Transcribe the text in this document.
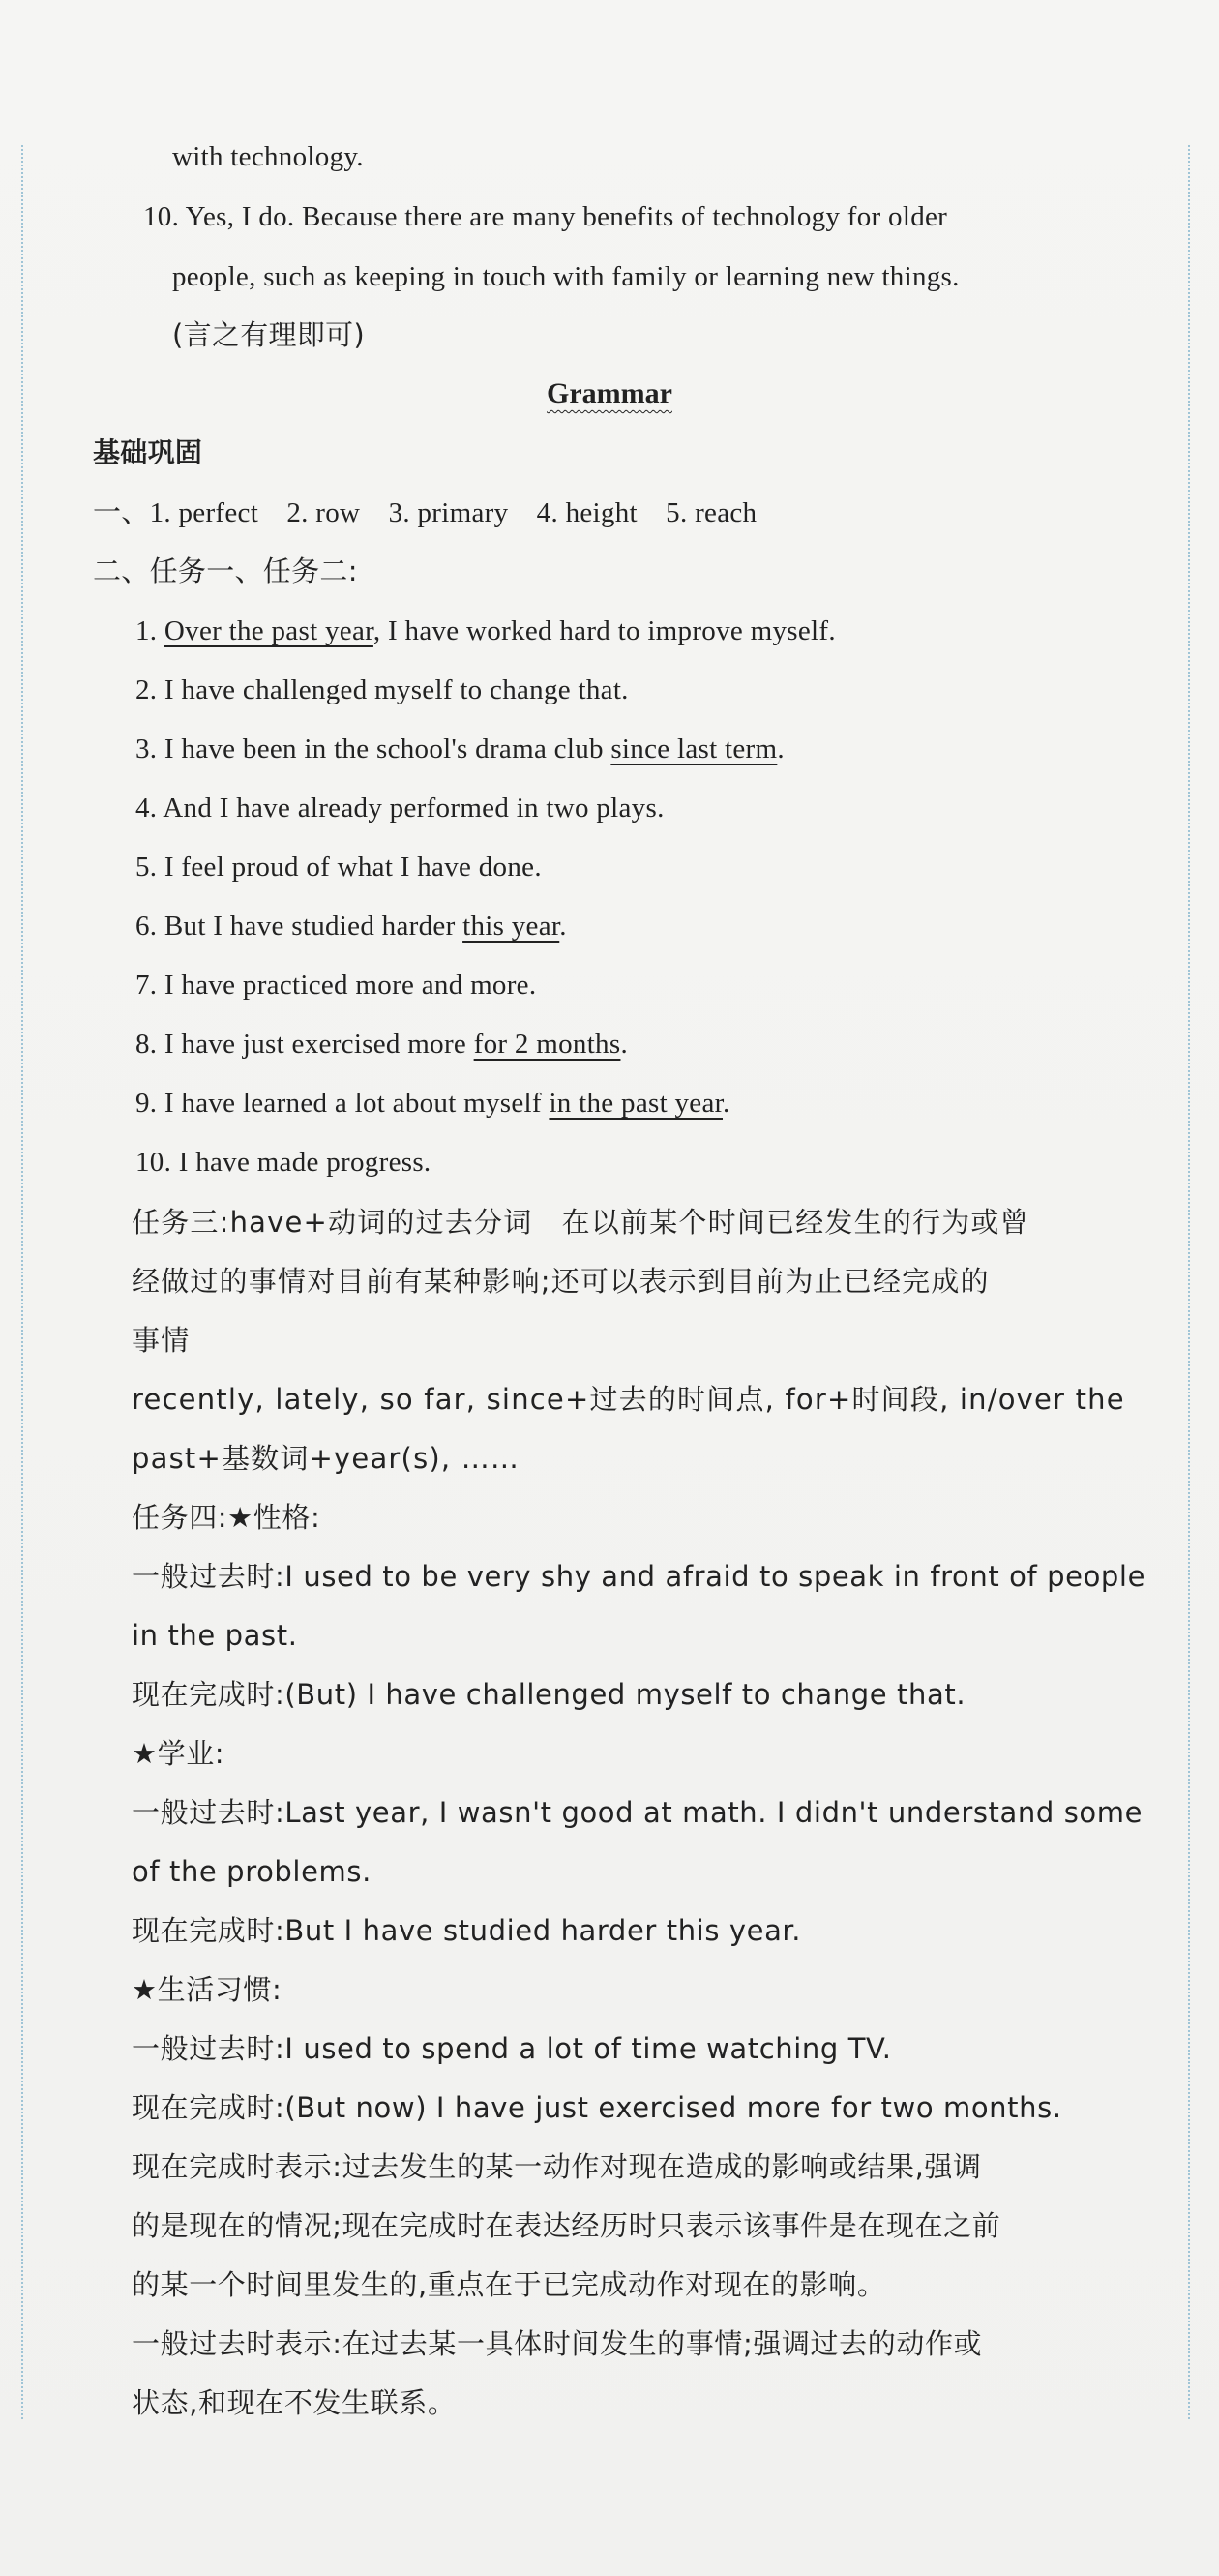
with technology.
10. Yes, I do. Because there are many benefits of technology for older
people, such as keeping in touch with family or learning new things.
(言之有理即可)
Grammar
基础巩固
一、1. perfect　2. row　3. primary　4. height　5. reach
二、任务一、任务二:
1. Over the past year, I have worked hard to improve myself.
2. I have challenged myself to change that.
3. I have been in the school's drama club since last term.
4. And I have already performed in two plays.
5. I feel proud of what I have done.
6. But I have studied harder this year.
7. I have practiced more and more.
8. I have just exercised more for 2 months.
9. I have learned a lot about myself in the past year.
10. I have made progress.
任务三:have+动词的过去分词　在以前某个时间已经发生的行为或曾
经做过的事情对目前有某种影响;还可以表示到目前为止已经完成的
事情
recently, lately, so far, since+过去的时间点, for+时间段, in/over the
past+基数词+year(s), ……
任务四:★性格:
一般过去时:I used to be very shy and afraid to speak in front of people
in the past.
现在完成时:(But) I have challenged myself to change that.
★学业:
一般过去时:Last year, I wasn't good at math. I didn't understand some
of the problems.
现在完成时:But I have studied harder this year.
★生活习惯:
一般过去时:I used to spend a lot of time watching TV.
现在完成时:(But now) I have just exercised more for two months.
现在完成时表示:过去发生的某一动作对现在造成的影响或结果,强调
的是现在的情况;现在完成时在表达经历时只表示该事件是在现在之前
的某一个时间里发生的,重点在于已完成动作对现在的影响。
一般过去时表示:在过去某一具体时间发生的事情;强调过去的动作或
状态,和现在不发生联系。
